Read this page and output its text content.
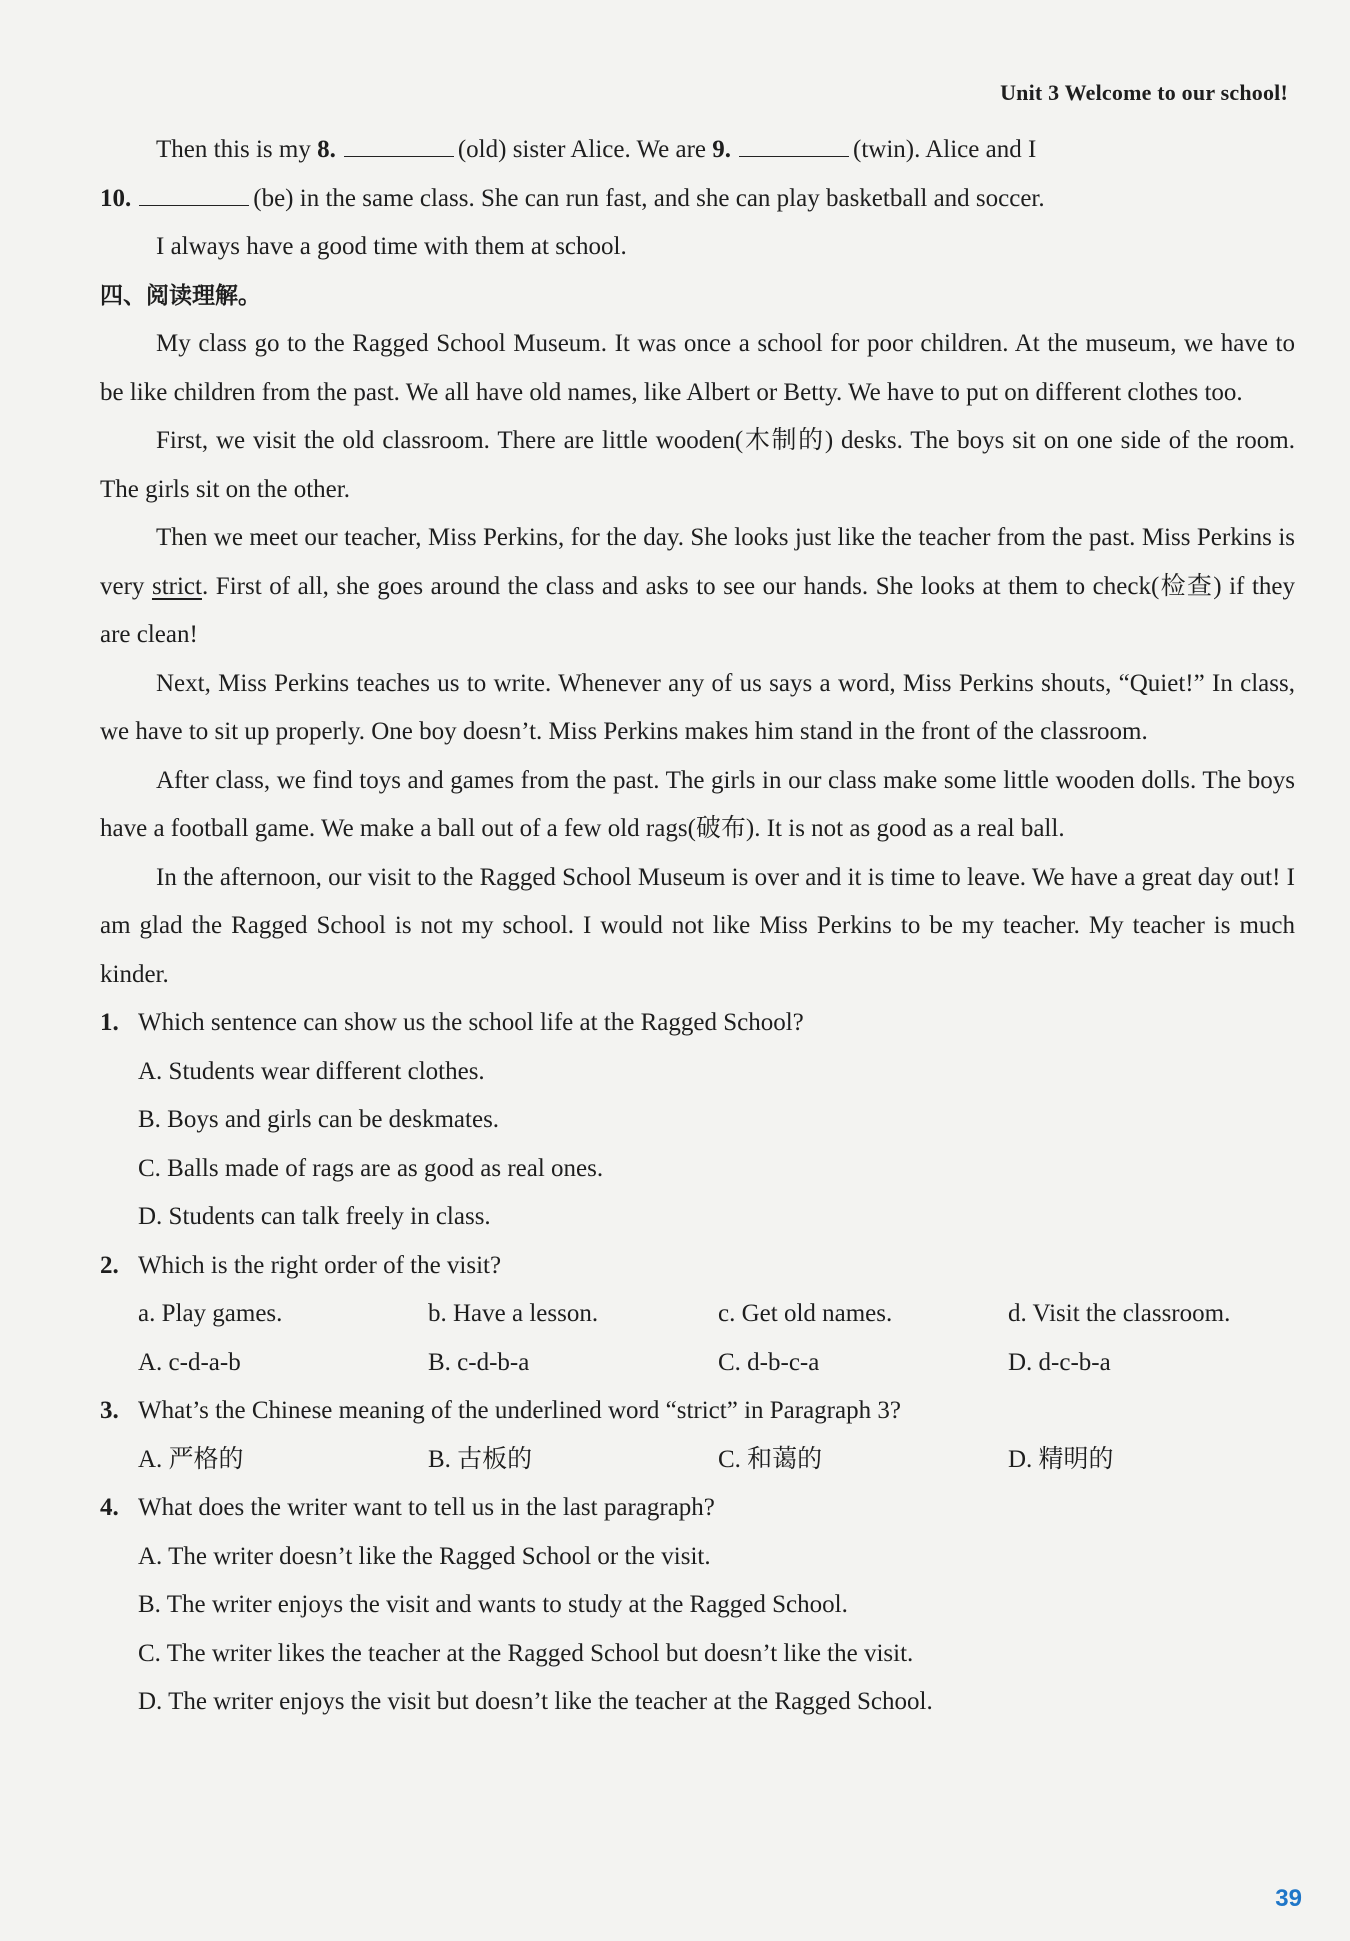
Unit 3 Welcome to our school!

Then this is my 8.	(old) sister Alice. We are 9.	(twin). Alice and I

10.	(be) in the same class. She can run fast, and she can play basketball and soccer.

I always have a good time with them at school.

四、阅读理解。

My class go to the Ragged School Museum. It was once a school for poor children. At the museum, we have to be like children from the past. We all have old names, like Albert or Betty. We have to put on different clothes too.

First, we visit the old classroom. There are little wooden(木制的) desks. The boys sit on one side of the room. The girls sit on the other.

Then we meet our teacher, Miss Perkins, for the day. She looks just like the teacher from the past. Miss Perkins is very strict. First of all, she goes around the class and asks to see our hands. She looks at them to check(检查) if they are clean!

Next, Miss Perkins teaches us to write. Whenever any of us says a word, Miss Perkins shouts, “Quiet!” In class, we have to sit up properly. One boy doesn’t. Miss Perkins makes him stand in the front of the classroom.

After class, we find toys and games from the past. The girls in our class make some little wooden dolls. The boys have a football game. We make a ball out of a few old rags(破布). It is not as good as a real ball.

In the afternoon, our visit to the Ragged School Museum is over and it is time to leave. We have a great day out! I am glad the Ragged School is not my school. I would not like Miss Perkins to be my teacher. My teacher is much kinder.

1. Which sentence can show us the school life at the Ragged School?
A. Students wear different clothes.
B. Boys and girls can be deskmates.
C. Balls made of rags are as good as real ones.
D. Students can talk freely in class.
2. Which is the right order of the visit?
a. Play games.	b. Have a lesson.	c. Get old names.	d. Visit the classroom.
A. c-d-a-b	B. c-d-b-a	C. d-b-c-a	D. d-c-b-a
3. What’s the Chinese meaning of the underlined word “strict” in Paragraph 3?
A. 严格的	B. 古板的	C. 和蔼的	D. 精明的
4. What does the writer want to tell us in the last paragraph?
A. The writer doesn’t like the Ragged School or the visit.
B. The writer enjoys the visit and wants to study at the Ragged School.
C. The writer likes the teacher at the Ragged School but doesn’t like the visit.
D. The writer enjoys the visit but doesn’t like the teacher at the Ragged School.
39
